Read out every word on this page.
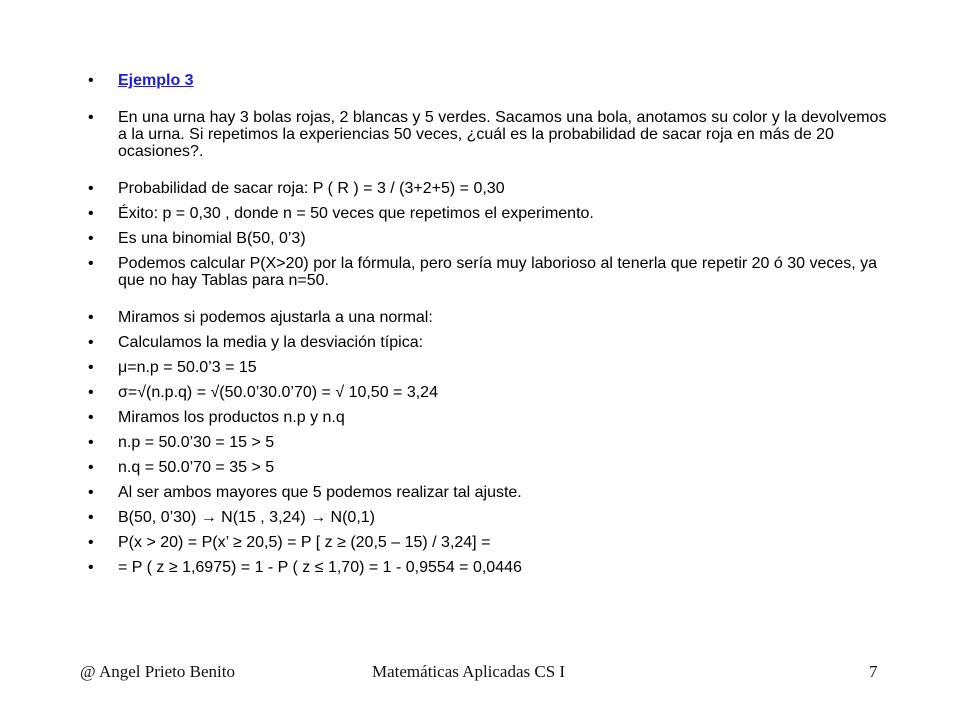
• Ejemplo 3
• En una urna hay 3 bolas rojas, 2 blancas y 5 verdes. Sacamos una bola, anotamos su color y la devolvemos a la urna. Si repetimos la experiencias 50 veces, ¿cuál es la probabilidad de sacar roja en más de 20 ocasiones?.
• Probabilidad de sacar roja: P ( R ) = 3 / (3+2+5) = 0,30
• Éxito: p = 0,30 , donde n = 50 veces que repetimos el experimento.
• Es una binomial B(50, 0’3)
• Podemos calcular P(X>20) por la fórmula, pero sería muy laborioso al tenerla que repetir 20 ó 30 veces, ya que no hay Tablas para n=50.
• Miramos si podemos ajustarla a una normal:
• Calculamos la media y la desviación típica:
• μ=n.p = 50.0’3 = 15
• σ=√(n.p.q) = √(50.0’30.0’70) = √ 10,50 = 3,24
• Miramos los productos n.p y n.q
• n.p = 50.0’30 = 15 > 5
• n.q = 50.0’70 = 35 > 5
• Al ser ambos mayores que 5 podemos realizar tal ajuste.
• B(50, 0’30) → N(15 , 3,24) → N(0,1)
• P(x > 20) = P(x’ ≥ 20,5) = P [ z ≥ (20,5 – 15) / 3,24] =
• = P ( z ≥ 1,6975) = 1 - P ( z ≤ 1,70) = 1 - 0,9554 = 0,0446
@ Angel Prieto Benito	Matemáticas Aplicadas CS I	7
